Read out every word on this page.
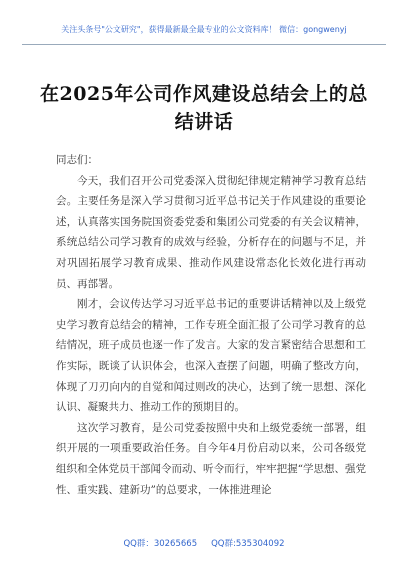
关注头条号"公文研究"，获得最新最全最专业的公文资料库！ 微信：gongwenyj
在2025年公司作风建设总结会上的总结讲话

同志们：

今天，我们召开公司党委深入贯彻纪律规定精神学习教育总结会。主要任务是深入学习贯彻习近平总书记关于作风建设的重要论述，认真落实国务院国资委党委和集团公司党委的有关会议精神，系统总结公司学习教育的成效与经验，分析存在的问题与不足，并对巩固拓展学习教育成果、推动作风建设常态化长效化进行再动员、再部署。

刚才，会议传达学习习近平总书记的重要讲话精神以及上级党史学习教育总结会的精神，工作专班全面汇报了公司学习教育的总结情况，班子成员也逐一作了发言。大家的发言紧密结合思想和工作实际，既谈了认识体会，也深入查摆了问题，明确了整改方向，体现了刀刃向内的自觉和闻过则改的决心，达到了统一思想、深化认识、凝聚共力、推动工作的预期目的。

这次学习教育，是公司党委按照中央和上级党委统一部署，组织开展的一项重要政治任务。自今年4月份启动以来，公司各级党组织和全体党员干部闻令而动、听令而行，牢牢把握“学思想、强党性、重实践、建新功”的总要求，一体推进理论

QQ群：30265665 QQ群:535304092
